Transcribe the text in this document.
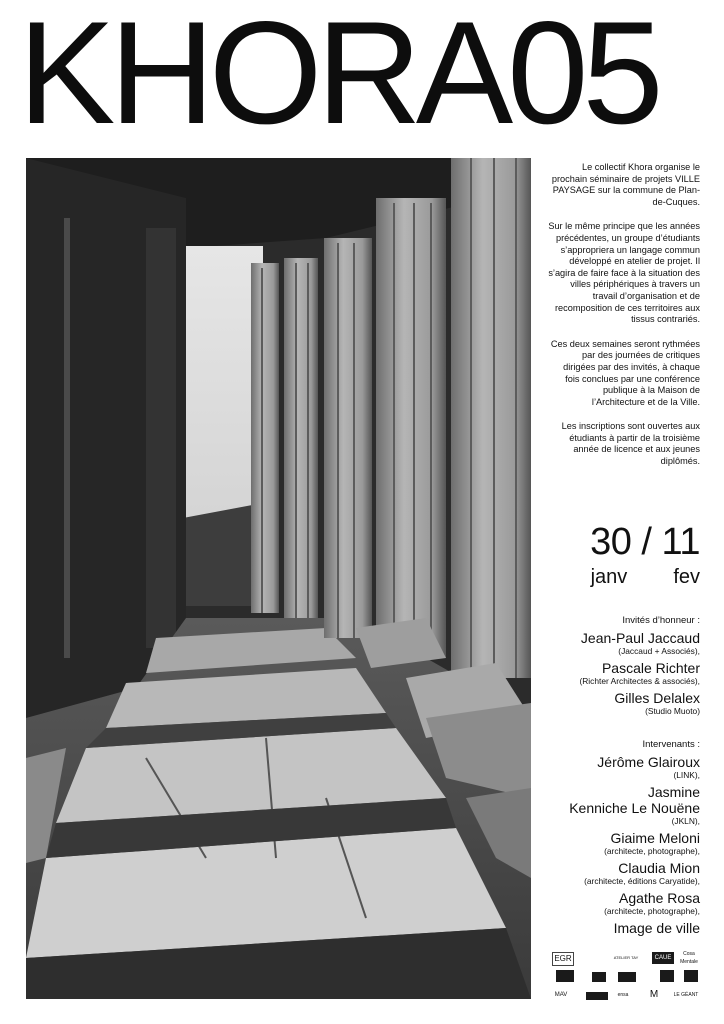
KHORA05

Le collectif Khora organise le prochain séminaire de projets VILLE PAYSAGE sur la commune de Plan-de-Cuques.

Sur le même principe que les années précédentes, un groupe d’étudiants s’appropriera un langage commun développé en atelier de projet. Il s’agira de faire face à la situation des villes périphériques à travers un travail d’organisation et de recomposition de ces territoires aux tissus contrariés.

Ces deux semaines seront rythmées par des journées de critiques dirigées par des invités, à chaque fois conclues par une conférence publique à la Maison de l’Architecture et de la Ville.

Les inscriptions sont ouvertes aux étudiants à partir de la troisième année de licence et aux jeunes diplômés.

30 / 11
janv fev
Invités d’honneur :
Jean-Paul Jaccaud
(Jaccaud + Associés),
Pascale Richter
(Richter Architectes & associés),
Gilles Delalex
(Studio Muoto)
Intervenants :
Jérôme Glairoux
(LINK),
Jasmine
Kenniche Le Nouëne
(JKLN),
Giaime Meloni
(architecte, photographe),
Claudia Mion
(architecte, éditions Caryatide),
Agathe Rosa
(architecte, photographe),
Image de ville
EGR	ATELIER TAY	CAUE
Cosa Mentale
MAV	ensa	M	LE GÉANT
